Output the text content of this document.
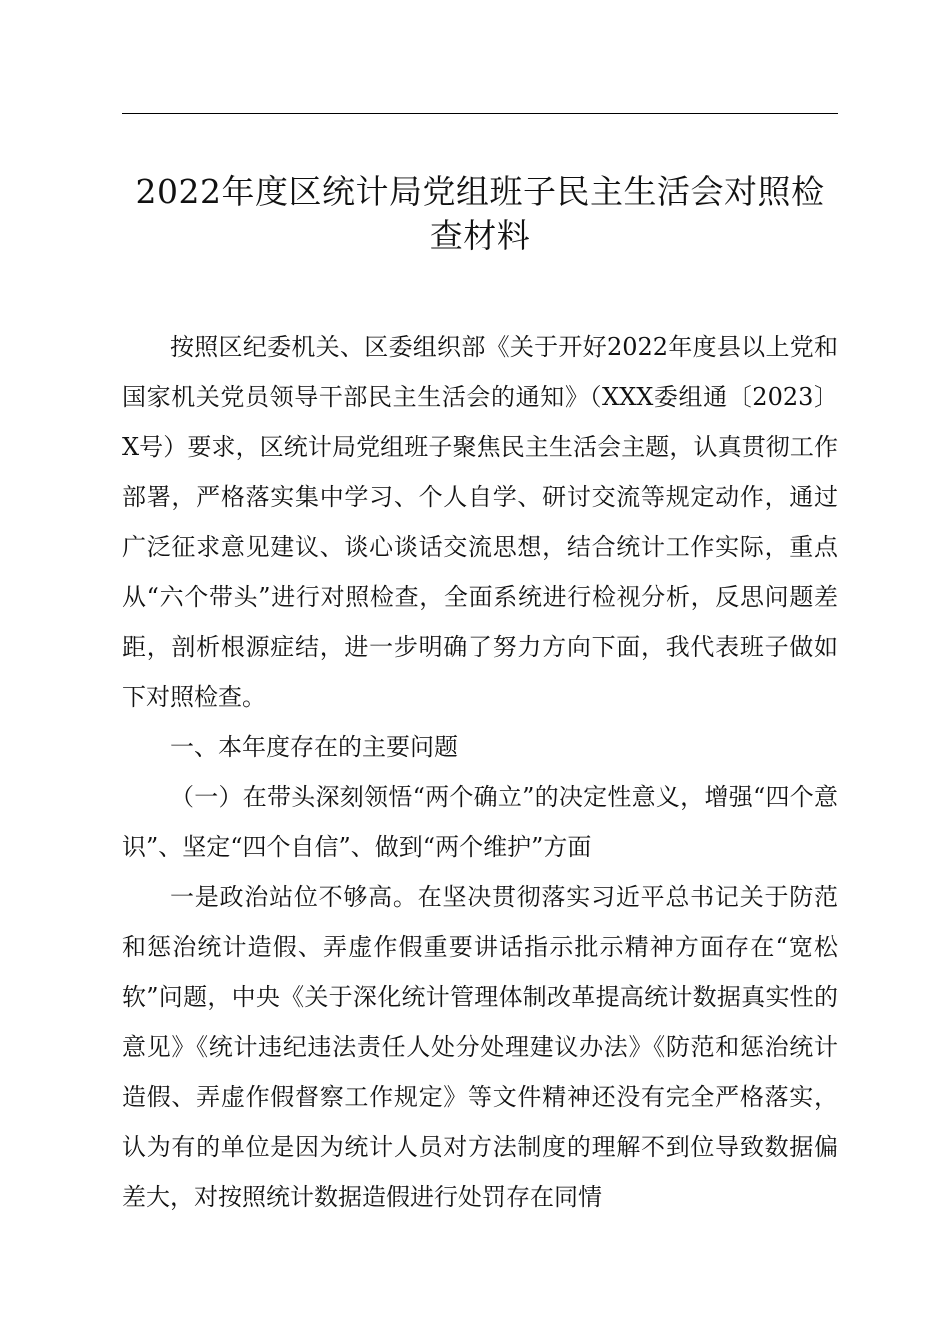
2022年度区统计局党组班子民主生活会对照检
查材料

按照区纪委机关、区委组织部《关于开好2022年度县以上党和国家机关党员领导干部民主生活会的通知》（XXX委组通〔2023〕X号）要求，区统计局党组班子聚焦民主生活会主题，认真贯彻工作部署，严格落实集中学习、个人自学、研讨交流等规定动作，通过广泛征求意见建议、谈心谈话交流思想，结合统计工作实际，重点从“六个带头”进行对照检查，全面系统进行检视分析，反思问题差距，剖析根源症结，进一步明确了努力方向下面，我代表班子做如下对照检查。

一、本年度存在的主要问题

（一）在带头深刻领悟“两个确立”的决定性意义，增强“四个意识”、坚定“四个自信”、做到“两个维护”方面

一是政治站位不够高。在坚决贯彻落实习近平总书记关于防范和惩治统计造假、弄虚作假重要讲话指示批示精神方面存在“宽松软”问题，中央《关于深化统计管理体制改革提高统计数据真实性的意见》《统计违纪违法责任人处分处理建议办法》《防范和惩治统计造假、弄虚作假督察工作规定》等文件精神还没有完全严格落实，认为有的单位是因为统计人员对方法制度的理解不到位导致数据偏差大，对按照统计数据造假进行处罚存在同情
